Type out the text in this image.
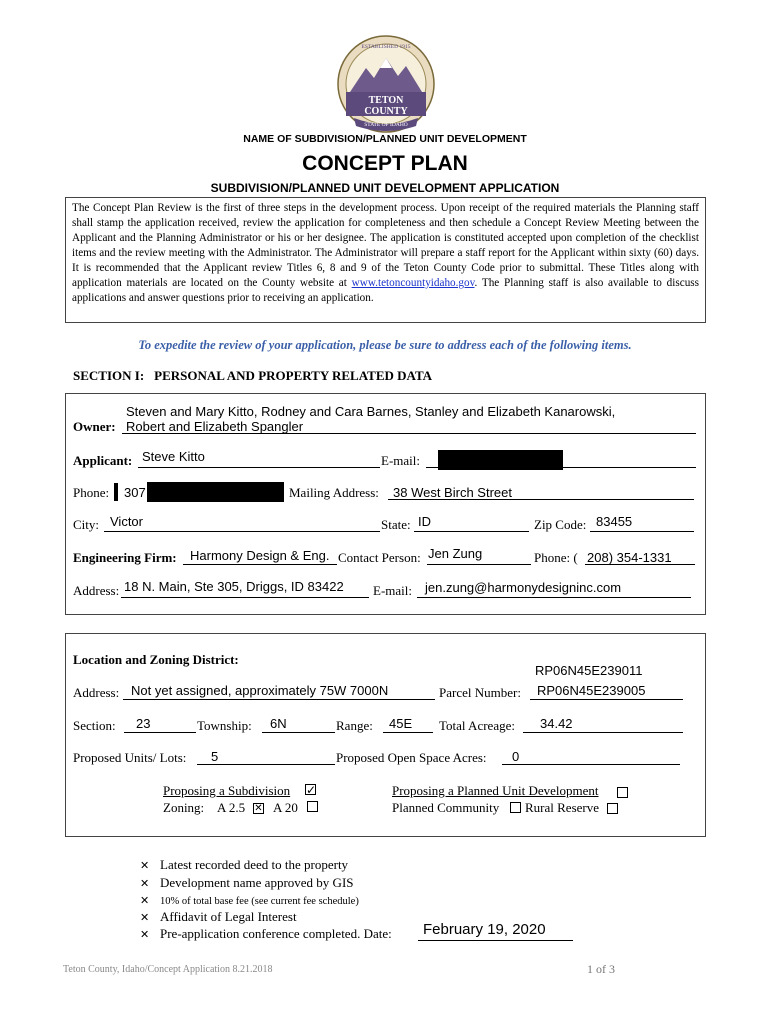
TETON
COUNTY
STATE OF IDAHO
ESTABLISHED 1915
NAME OF SUBDIVISION/PLANNED UNIT DEVELOPMENT
CONCEPT PLAN
SUBDIVISION/PLANNED UNIT DEVELOPMENT APPLICATION
The Concept Plan Review is the first of three steps in the development process. Upon receipt of the required materials the Planning staff shall stamp the application received, review the application for completeness and then schedule a Concept Review Meeting between the Applicant and the Planning Administrator or his or her designee. The application is constituted accepted upon completion of the checklist items and the review meeting with the Administrator. The Administrator will prepare a staff report for the Applicant within sixty (60) days. It is recommended that the Applicant review Titles 6, 8 and 9 of the Teton County Code prior to submittal. These Titles along with application materials are located on the County website at www.tetoncountyidaho.gov. The Planning staff is also available to discuss applications and answer questions prior to receiving an application.
To expedite the review of your application, please be sure to address each of the following items.
SECTION I: PERSONAL AND PROPERTY RELATED DATA
Steven and Mary Kitto, Rodney and Cara Barnes, Stanley and Elizabeth Kanarowski,
Owner: Robert and Elizabeth Spangler
Applicant: Steve Kitto	E-mail:
Phone: 307	Mailing Address: 38 West Birch Street
City: Victor	State: ID	Zip Code: 83455
Engineering Firm: Harmony Design & Eng. Contact Person: Jen Zung	Phone: ( 208) 354-1331
Address: 18 N. Main, Ste 305, Driggs, ID 83422 E-mail: jen.zung@harmonydesigninc.com
Location and Zoning District:
RP06N45E239011
Address: Not yet assigned, approximately 75W 7000N	Parcel Number: RP06N45E239005
Section: 23	Township: 6N	Range: 45E Total Acreage: 34.42
Proposed Units/ Lots: 5	Proposed Open Space Acres: 0
Proposing a Subdivision ✓
Zoning: A 2.5 ✕ A 20
Proposing a Planned Unit Development
Planned Community Rural Reserve
✕ Latest recorded deed to the property
✕ Development name approved by GIS
✕ 10% of total base fee (see current fee schedule)
✕ Affidavit of Legal Interest
✕ Pre-application conference completed. Date: February 19, 2020
Teton County, Idaho/Concept Application 8.21.2018	1 of 3
